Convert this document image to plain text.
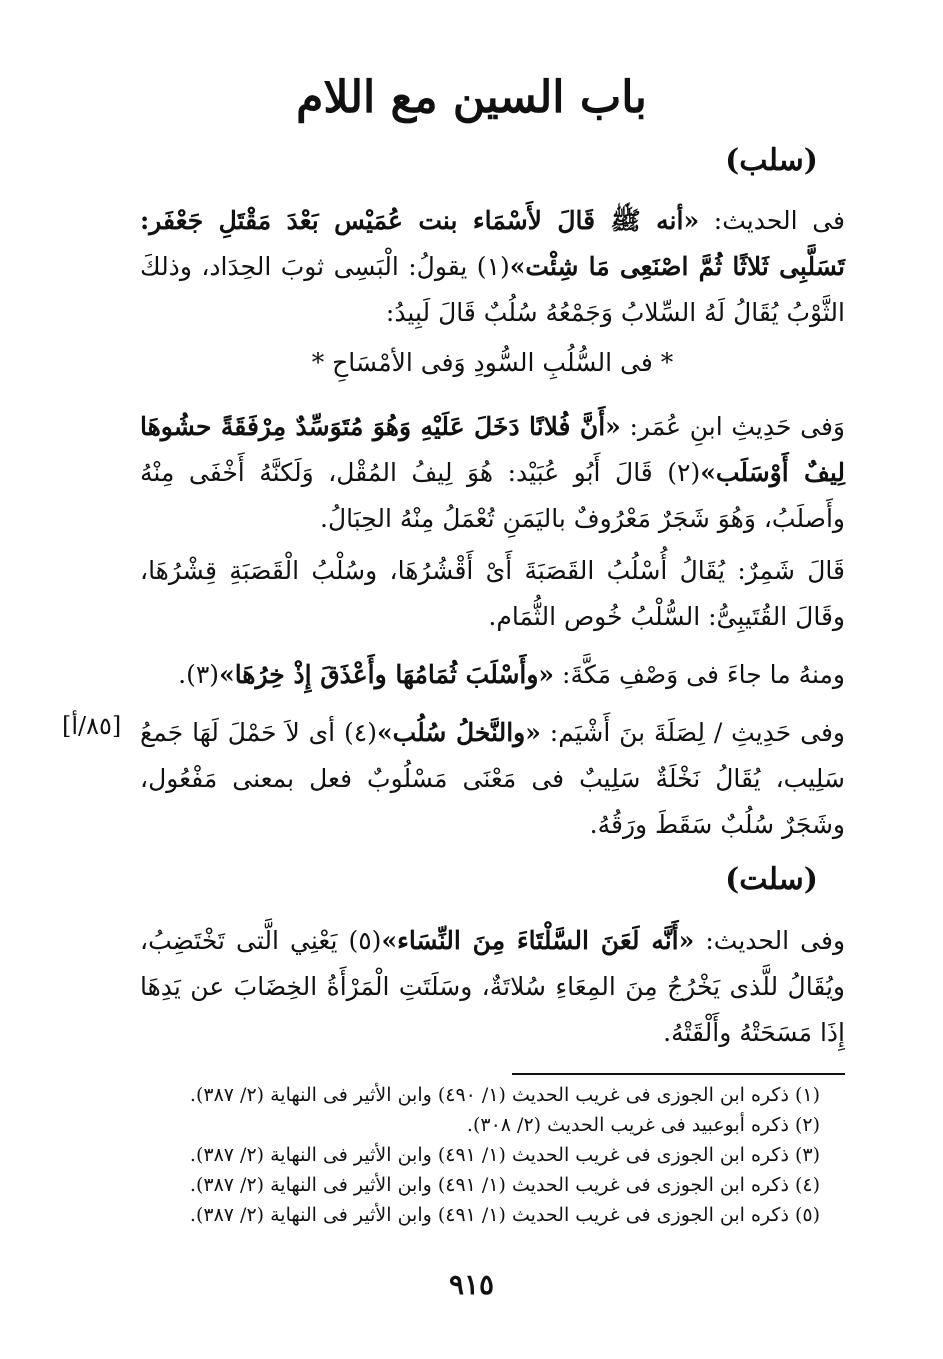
باب السين مع اللام
(سلب)
فى الحديث: «أنه ﷺ قَالَ لأَسْمَاء بنت عُمَيْس بَعْدَ مَقْتَلِ جَعْفَر: تَسَلَّبِى ثَلاثًا ثُمَّ اصْنَعِى مَا شِئْت»(١) يقولُ: الْبَسِى ثوبَ الحِدَاد، وذلكَ الثَّوْبُ يُقَالُ لَهُ السِّلابُ وَجَمْعُهُ سُلُبٌ قَالَ لَبِيدُ:
* فى السُّلُبِ السُّودِ وَفى الأمْسَاحِ *
وَفى حَدِيثِ ابنِ عُمَر: «أَنَّ فُلانًا دَخَلَ عَلَيْهِ وَهُوَ مُتَوَسِّدٌ مِرْفَقَةً حشُوهَا لِيفٌ أَوْسَلَب»(٢) قَالَ أَبُو عُبَيْد: هُوَ لِيفُ المُقْل، وَلَكنَّهُ أَخْفَى مِنْهُ وأَصلَبُ، وَهُوَ شَجَرٌ مَعْرُوفٌ باليَمَنِ تُعْمَلُ مِنْهُ الحِبَالُ.
قَالَ شَمِرٌ: يُقَالُ أُسْلُبُ القَصَبَةَ أَىْ أَقْشُرُهَا، وسُلْبُ الْقَصَبَةِ قِشْرُهَا، وقَالَ القُتَيبِىُّ: السُّلْبُ خُوص الثُّمَام.
ومنهُ ما جاءَ فى وَصْفِ مَكَّةَ: «وأَسْلَبَ ثُمَامُهَا وأَعْذَقَ إِذْ خِرُهَا»(٣).
[٨٥/أ]	وفى حَدِيثِ / لِصَلَةَ بنَ أَشْيَم: «والنَّخلُ سُلُب»(٤) أى لاَ حَمْلَ لَهَا جَمعُ سَلِيب، يُقَالُ نَخْلَةٌ سَلِيبٌ فى مَعْنَى مَسْلُوبٌ فعل بمعنى مَفْعُول، وشَجَرٌ سُلُبٌ سَقَطَ ورَقُهُ.
(سلت)
وفى الحديث: «أَنَّه لَعَنَ السَّلْتَاءَ مِنَ النِّسَاء»(٥) يَعْنِي الَّتى تَخْتَضِبُ، ويُقَالُ للَّذى يَخْرُجُ مِنَ المِعَاءِ سُلاتَةٌ، وسَلَتَتِ الْمَرْأَةُ الخِضَابَ عن يَدِهَا إِذَا مَسَحَتْهُ وأَلْقَتْهُ.
(١) ذكره ابن الجوزى فى غريب الحديث (١/ ٤٩٠) وابن الأثير فى النهاية (٢/ ٣٨٧).
(٢) ذكره أبوعبيد فى غريب الحديث (٢/ ٣٠٨).
(٣) ذكره ابن الجوزى فى غريب الحديث (١/ ٤٩١) وابن الأثير فى النهاية (٢/ ٣٨٧).
(٤) ذكره ابن الجوزى فى غريب الحديث (١/ ٤٩١) وابن الأثير فى النهاية (٢/ ٣٨٧).
(٥) ذكره ابن الجوزى فى غريب الحديث (١/ ٤٩١) وابن الأثير فى النهاية (٢/ ٣٨٧).
٩١٥
